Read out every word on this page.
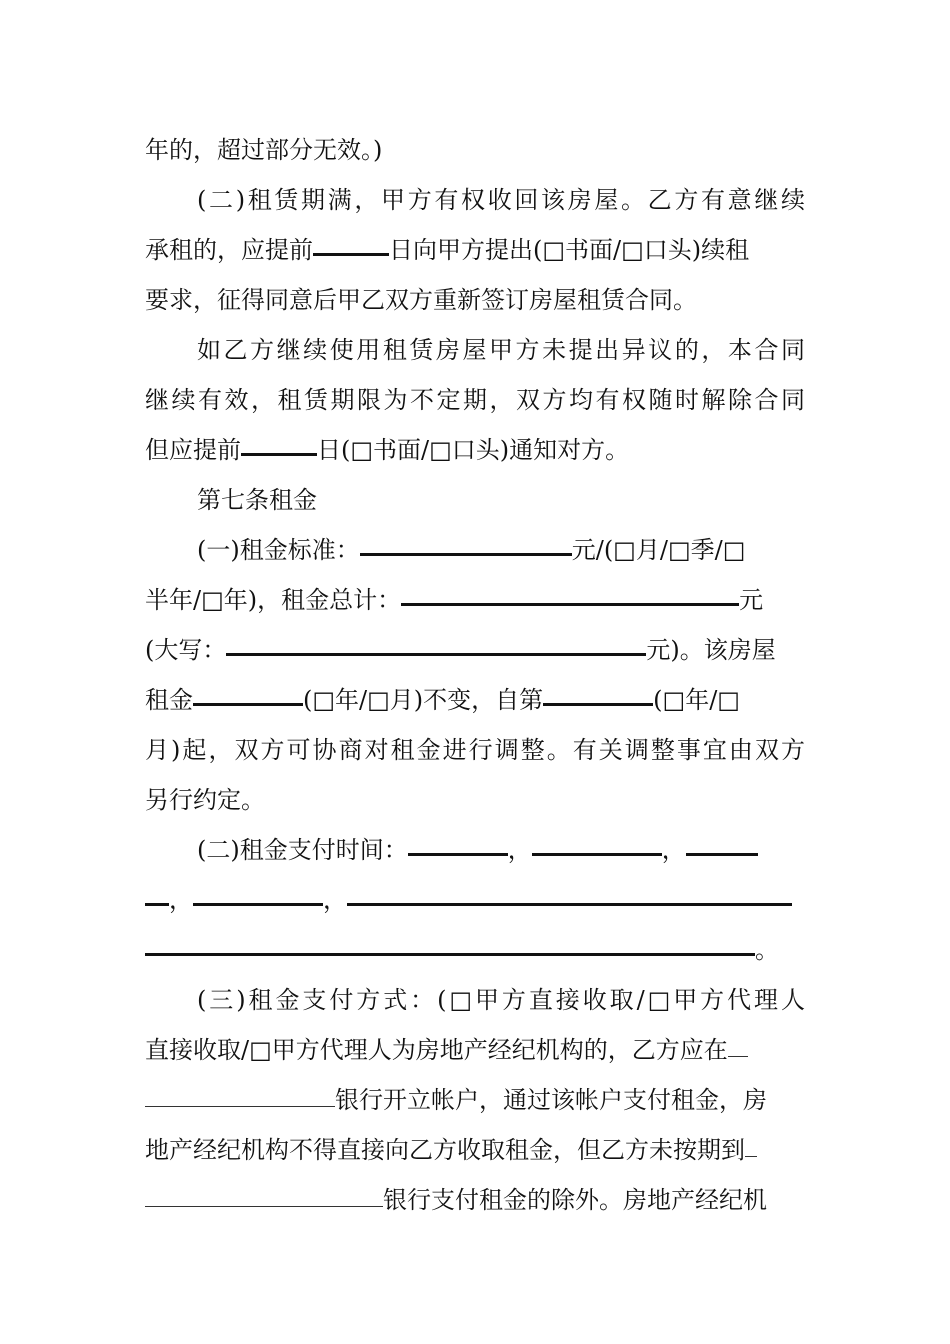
年的，超过部分无效。)
(二)租赁期满，甲方有权收回该房屋。乙方有意继续
承租的，应提前	日向甲方提出(□书面/□口头)续租
要求，征得同意后甲乙双方重新签订房屋租赁合同。
如乙方继续使用租赁房屋甲方未提出异议的，本合同
继续有效，租赁期限为不定期，双方均有权随时解除合同
但应提前	日(□书面/□口头)通知对方。
第七条租金
(一)租金标准：	元/(□月/□季/□
半年/□年)，租金总计：	元
(大写：	元)。该房屋
租金	(□年/□月)不变，自第	(□年/□
月)起，双方可协商对租金进行调整。有关调整事宜由双方
另行约定。
(二)租金支付时间：	，	，
，	，
。
(三)租金支付方式：(□甲方直接收取/□甲方代理人
直接收取/□甲方代理人为房地产经纪机构的，乙方应在
银行开立帐户，通过该帐户支付租金，房
地产经纪机构不得直接向乙方收取租金，但乙方未按期到
银行支付租金的除外。房地产经纪机
